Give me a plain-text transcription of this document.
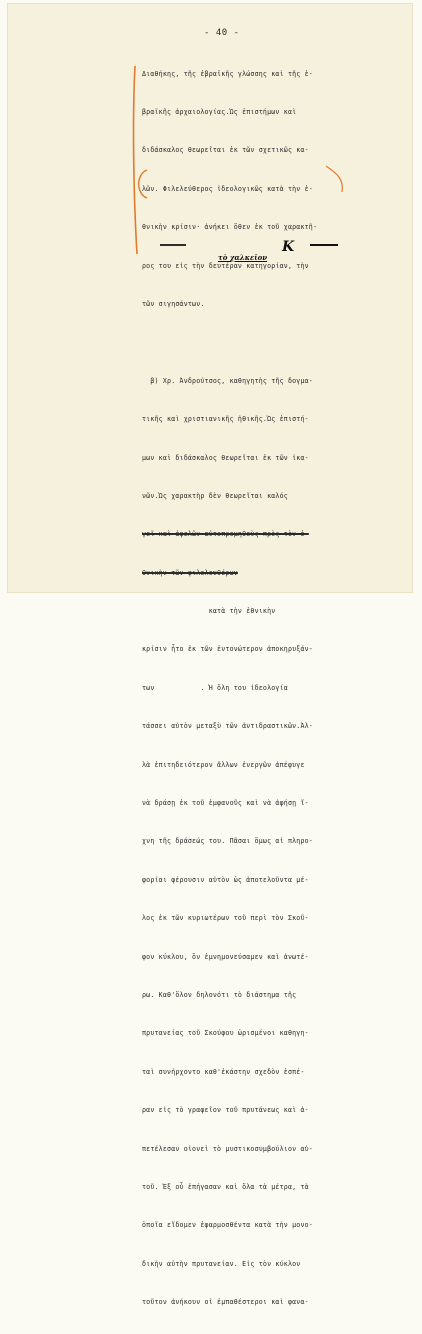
- 40 -

Διαθήκης, τῆς ἑβραϊκῆς γλώσσης καὶ τῆς ἑ-

βραϊκῆς ἀρχαιολογίας.Ὡς ἐπιστήμων καὶ

διδάσκαλος θεωρεῖται ἐκ τῶν σχετικῶς κα-

λῶν. Φιλελεύθερος ἰδεολογικῶς κατὰ τὴν ἐ-

θνικὴν κρίσιν· ἀνήκει ὅθεν ἐκ τοῦ χαρακτῆ-

ρος του εἰς τὴν δευτέραν κατηγορίαν, τὴν

τῶν σιγησάντων.

β) Χρ. Ἀνδρούτσος, καθηγητὴς τῆς δογμα-

τικῆς καὶ χριστιανικῆς ἠθικῆς.Ὡς ἐπιστή-

μων καὶ διδάσκαλος θεωρεῖται ἐκ τῶν ἱκα-

νῶν.Ὡς χαρακτὴρ δὲν θεωρεῖται καλός

γεῖ καὶ ἀφελῶν αὐτοπρομηθεὺς πρὸς τὸν ἐ-

θνικὴν τῶν φιλελευθέρων

κατὰ τὴν ἐθνικὴν

κρίσιν ἦτο ἐκ τῶν ἐντονώτερον ἀποκηρυξάν-

των           . Ἡ ὅλη του ἰδεολογία

τάσσει αὐτὸν μεταξὺ τῶν ἀντιδραστικῶν.Ἀλ-

λὰ ἐπιτηδειότερον ἄλλων ἐνεργῶν ἀπέφυγε

νὰ δράσῃ ἐκ τοῦ ἐμφανοῦς καὶ νὰ ἀφήσῃ ἴ-

χνη τῆς δράσεώς του. Πᾶσαι ὅμως αἱ πληρο-

φορίαι φέρουσιν αὐτὸν ὡς ἀποτελοῦντα μέ-

λος ἐκ τῶν κυριωτέρων τοῦ περὶ τὸν Σκοῦ-

φον κύκλου, ὃν ἐμνημονεύσαμεν καὶ ἀνωτέ-

ρω. Καθ'ὅλον δηλονότι τὸ διάστημα τῆς

πρυτανείας τοῦ Σκούφου ὡρισμένοι καθηγη-

ταὶ συνήρχοντο καθ'ἑκάστην σχεδὸν ἑσπέ-

ραν εἰς τὸ γραφεῖον τοῦ πρυτάνεως καὶ ἀ-

πετέλεσαν οἱονεὶ τὸ μυστικοσυμβούλιον αὐ-

τοῦ. Ἐξ οὗ ἐπήγασαν καὶ ὅλα τὰ μέτρα, τὰ

ὁποῖα εἴδομεν ἐφαρμοσθέντα κατὰ τὴν μονο-

δικὴν αὐτὴν πρυτανείαν. Εἰς τὸν κύκλον

τοῦτον ἀνήκουν οἱ ἐμπαθέστεροι καὶ φανα-

Κ
τὸ χαλκεῖον
